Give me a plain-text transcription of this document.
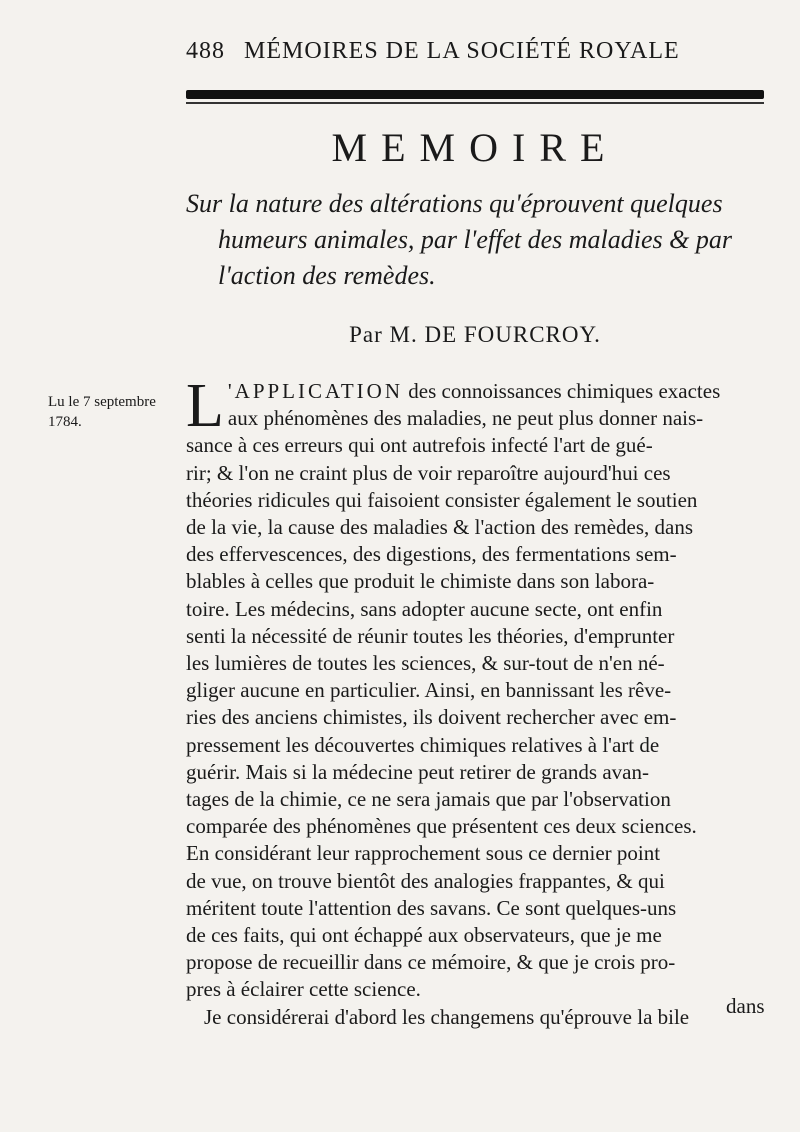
488 MÉMOIRES DE LA SOCIÉTÉ ROYALE
MEMOIRE
Sur la nature des altérations qu'éprouvent quelques
humeurs animales, par l'effet des maladies & par
l'action des remèdes.
Par M. DE FOURCROY.
Lu le 7 septembre
1784.	L 'APPLICATION des connoissances chimiques exactes
aux phénomènes des maladies, ne peut plus donner nais-
sance à ces erreurs qui ont autrefois infecté l'art de gué-
rir; & l'on ne craint plus de voir reparoître aujourd'hui ces
théories ridicules qui faisoient consister également le soutien
de la vie, la cause des maladies & l'action des remèdes, dans
des effervescences, des digestions, des fermentations sem-
blables à celles que produit le chimiste dans son labora-
toire. Les médecins, sans adopter aucune secte, ont enfin
senti la nécessité de réunir toutes les théories, d'emprunter
les lumières de toutes les sciences, & sur-tout de n'en né-
gliger aucune en particulier. Ainsi, en bannissant les rêve-
ries des anciens chimistes, ils doivent rechercher avec em-
pressement les découvertes chimiques relatives à l'art de
guérir. Mais si la médecine peut retirer de grands avan-
tages de la chimie, ce ne sera jamais que par l'observation
comparée des phénomènes que présentent ces deux sciences.
En considérant leur rapprochement sous ce dernier point
de vue, on trouve bientôt des analogies frappantes, & qui
méritent toute l'attention des savans. Ce sont quelques-uns
de ces faits, qui ont échappé aux observateurs, que je me
propose de recueillir dans ce mémoire, & que je crois pro-
pres à éclairer cette science.
Je considérerai d'abord les changemens qu'éprouve la bile	dans
